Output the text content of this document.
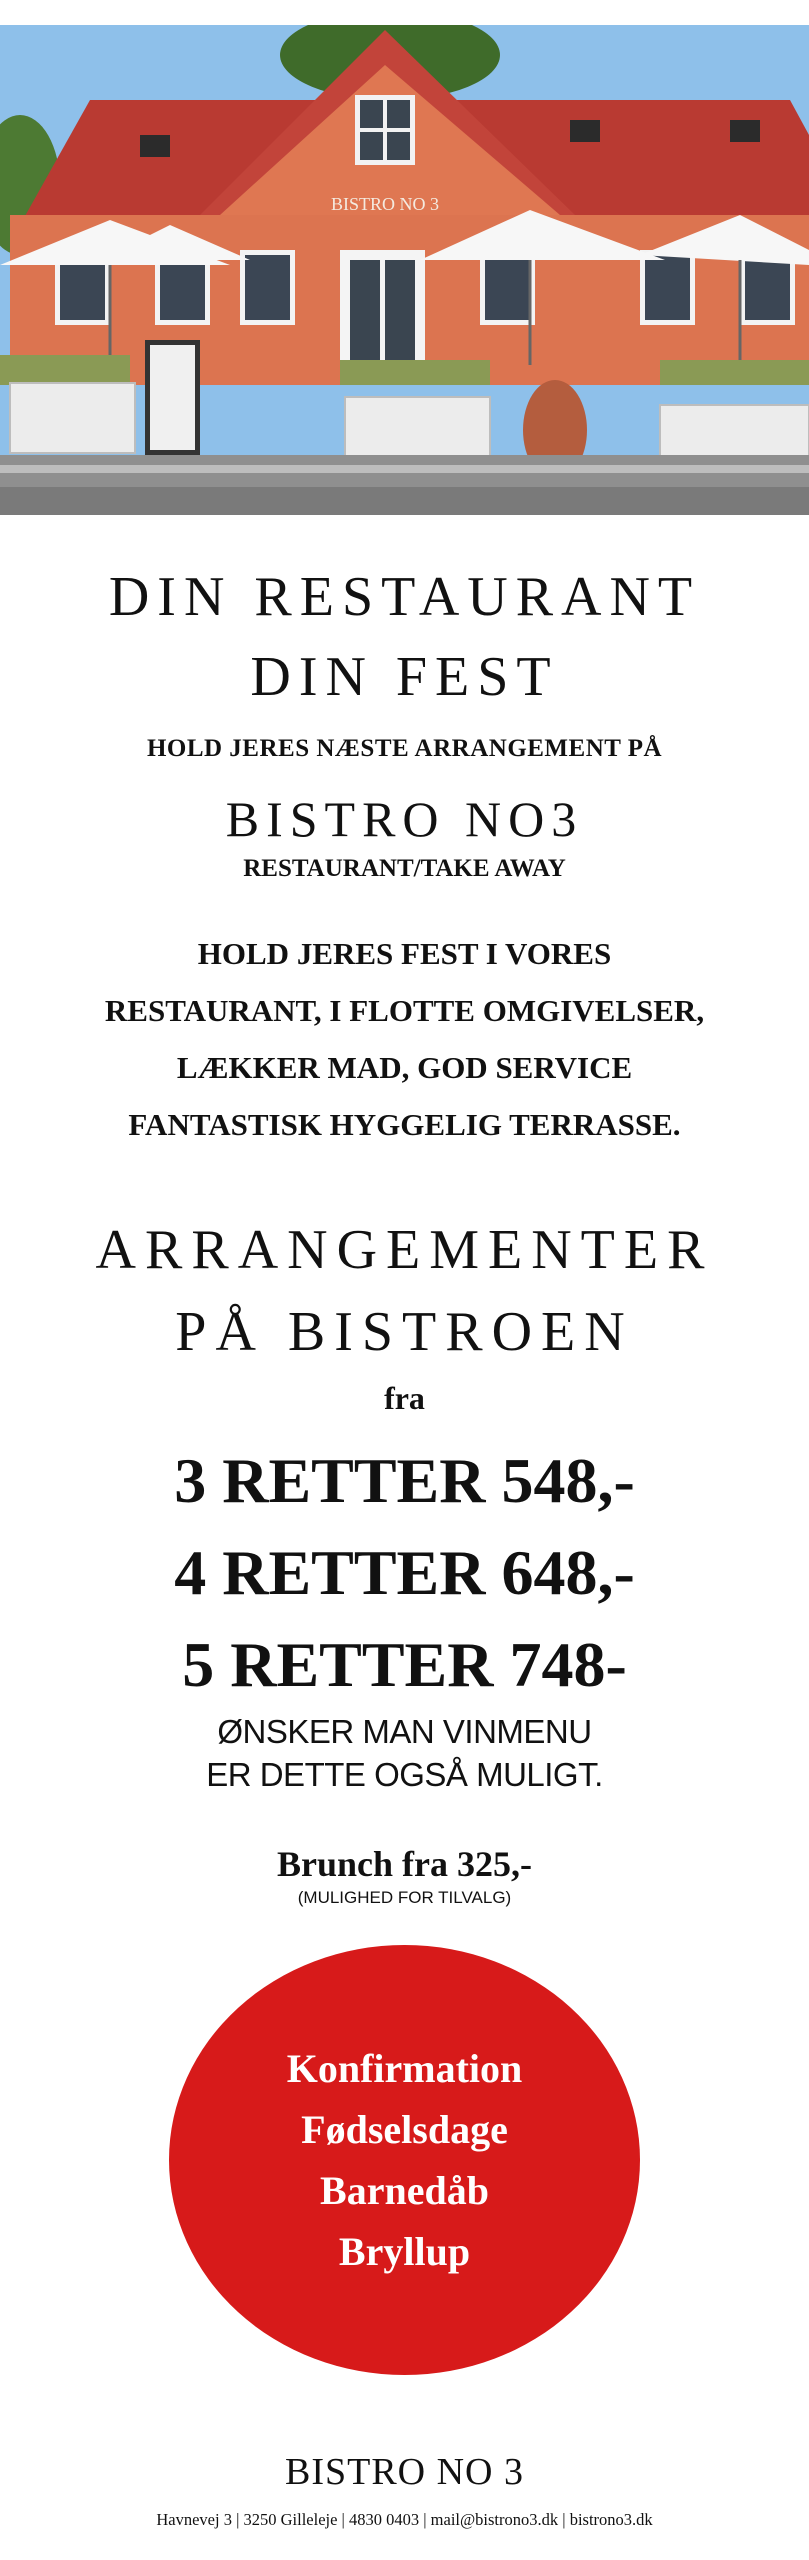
BISTRO NO 3
DIN RESTAURANT
DIN FEST
HOLD JERES NÆSTE ARRANGEMENT PÅ
BISTRO NO3
RESTAURANT/TAKE AWAY
HOLD JERES FEST I VORES
RESTAURANT, I FLOTTE OMGIVELSER,
LÆKKER MAD, GOD SERVICE
FANTASTISK HYGGELIG TERRASSE.
ARRANGEMENTER
PÅ BISTROEN
fra
3 RETTER 548,-
4 RETTER 648,-
5 RETTER 748-
ØNSKER MAN VINMENU
ER DETTE OGSÅ MULIGT.
Brunch fra 325,-
(MULIGHED FOR TILVALG)
Konfirmation
Fødselsdage
Barnedåb
Bryllup
BISTRO NO 3
Havnevej 3 | 3250 Gilleleje | 4830 0403 | mail@bistrono3.dk | bistrono3.dk
